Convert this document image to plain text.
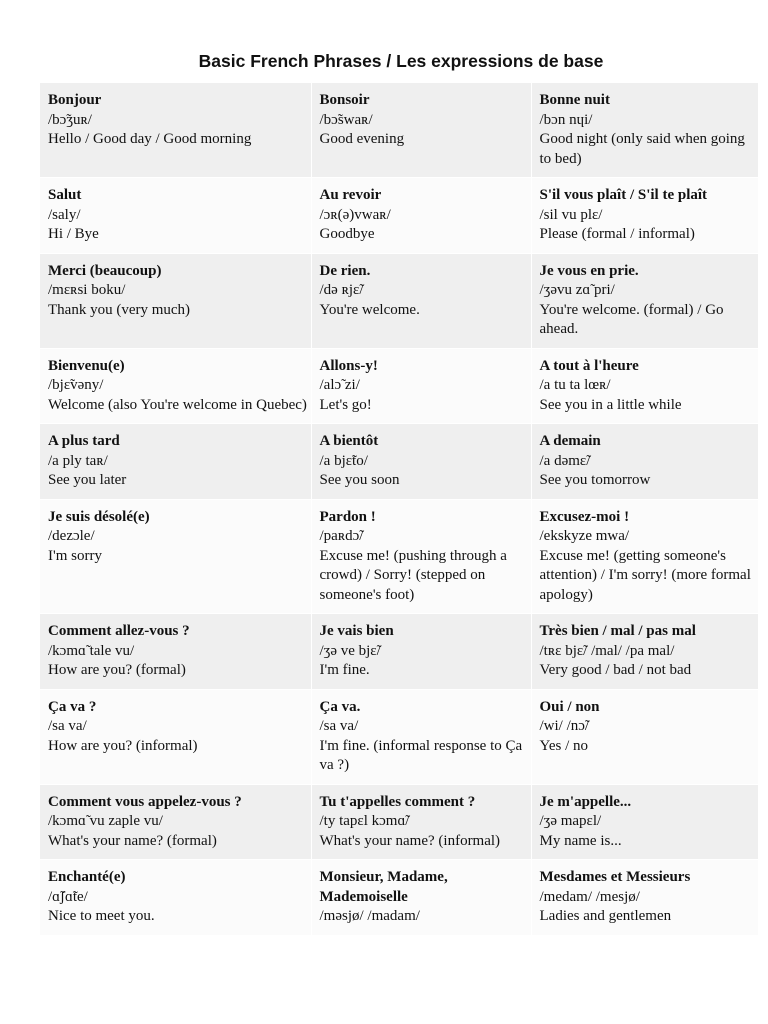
Basic French Phrases / Les expressions de base
Bonjour
/bɔ̃ʒuʀ/
Hello / Good day / Good morning	Bonsoir
/bɔ̃swaʀ/
Good evening	Bonne nuit
/bɔn nɥi/
Good night (only said when going to bed)

Salut
/saly/
Hi / Bye	Au revoir
/ɔʀ(ə)vwaʀ/
Goodbye	S'il vous plaît / S'il te plaît
/sil vu plɛ/
Please (formal / informal)

Merci (beaucoup)
/mɛʀsi boku/
Thank you (very much)	De rien.
/də ʀjɛ̃/
You're welcome.	Je vous en prie.
/ʒəvu zɑ̃ pri/
You're welcome. (formal) / Go ahead.

Bienvenu(e)
/bjɛ̃vəny/
Welcome (also You're welcome in Quebec)	Allons-y!
/alɔ̃ zi/
Let's go!	A tout à l'heure
/a tu ta lœʀ/
See you in a little while

A plus tard
/a ply taʀ/
See you later	A bientôt
/a bjɛ̃to/
See you soon	A demain
/a dəmɛ̃/
See you tomorrow

Je suis désolé(e)
/dezɔle/
I'm sorry	Pardon !
/paʀdɔ̃/
Excuse me! (pushing through a crowd) / Sorry! (stepped on someone's foot)	Excusez-moi !
/ekskyze mwa/
Excuse me! (getting someone's attention) / I'm sorry! (more formal apology)

Comment allez-vous ?
/kɔmɑ̃ tale vu/
How are you? (formal)	Je vais bien
/ʒə ve bjɛ̃/
I'm fine.	Très bien / mal / pas mal
/tʀɛ bjɛ̃/ /mal/ /pa mal/
Very good / bad / not bad

Ça va ?
/sa va/
How are you? (informal)	Ça va.
/sa va/
I'm fine. (informal response to Ça va ?)	Oui / non
/wi/ /nɔ̃/
Yes / no

Comment vous appelez-vous ?
/kɔmɑ̃ vu zaple vu/
What's your name? (formal)	Tu t'appelles comment ?
/ty tapɛl kɔmɑ̃/
What's your name? (informal)	Je m'appelle...
/ʒə mapɛl/
My name is...

Enchanté(e)
/ɑ̃ʃɑ̃te/
Nice to meet you.	Monsieur, Madame, Mademoiselle
/məsjø/ /madam/	Mesdames et Messieurs
/medam/ /mesjø/
Ladies and gentlemen
